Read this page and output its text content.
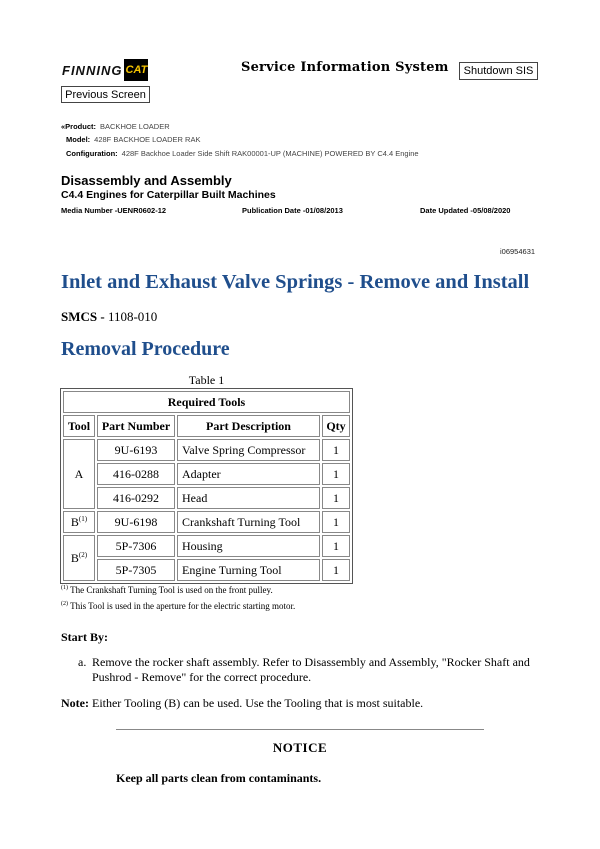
FINNING CAT	Service Information System	Shutdown SIS
Previous Screen
«Product: BACKHOE LOADER
Model: 428F BACKHOE LOADER RAK
Configuration: 428F Backhoe Loader Side Shift RAK00001-UP (MACHINE) POWERED BY C4.4 Engine
Disassembly and Assembly
C4.4 Engines for Caterpillar Built Machines
Media Number -UENR0602-12	Publication Date -01/08/2013	Date Updated -05/08/2020
i06954631
Inlet and Exhaust Valve Springs - Remove and Install
SMCS - 1108-010
Removal Procedure
Table 1
Required Tools			
Tool	Part Number	Part Description	Qty
A	9U-6193	Valve Spring Compressor	1
	416-0288	Adapter	1
	416-0292	Head	1
$B^{(1)}$	9U-6198	Crankshaft Turning Tool	1
$B^{(2)}$	5P-7306	Housing	1
	5P-7305	Engine Turning Tool	1
$^{(1)}$ The Crankshaft Turning Tool is used on the front pulley.
$^{(2)}$ This Tool is used in the aperture for the electric starting motor.
Start By:
a. Remove the rocker shaft assembly. Refer to Disassembly and Assembly, "Rocker Shaft and Pushrod - Remove" for the correct procedure.
Note: Either Tooling (B) can be used. Use the Tooling that is most suitable.
NOTICE
Keep all parts clean from contaminants.
